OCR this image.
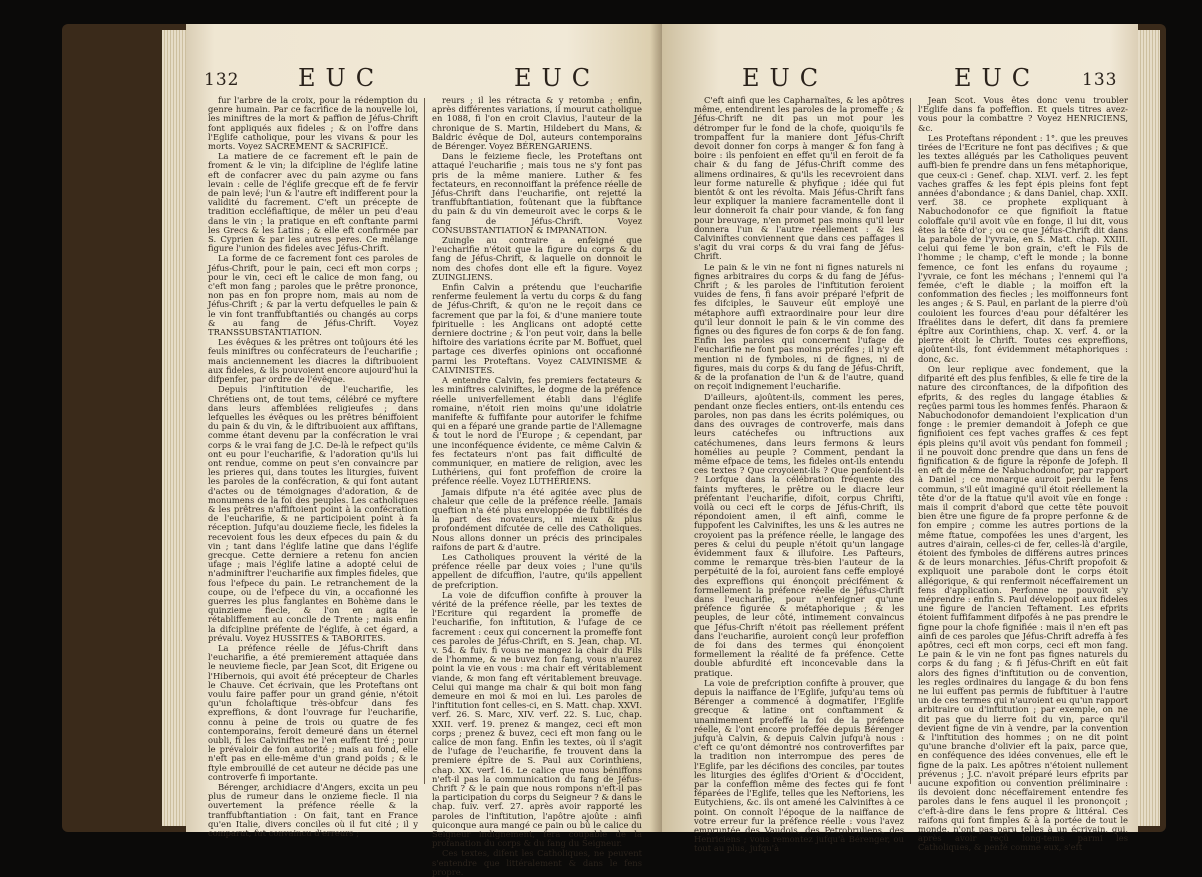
132 EUC	EUC

fur l'arbre de la croix, pour la rédemption du genre humain. Par ce facrifice de la nouvelle loi, les miniftres de la mort & paffion de Jéfus-Chrift font appliqués aux fideles ; & on l'offre dans l'Eglife catholique, pour les vivans & pour les morts. Voyez SACREMENT & SACRIFICE.

La matiere de ce facrement eft le pain de froment & le vin; la difcipline de l'églife latine eft de confacrer avec du pain azyme ou fans levain : celle de l'églife grecque eft de fe fervir de pain levé; l'un & l'autre eft indifferent pour la validité du facrement. C'eft un précepte de tradition eccléfiaftique, de mêler un peu d'eau dans le vin ; la pratique en eft conftante parmi les Grecs & les Latins ; & elle eft confirmée par S. Cyprien & par les autres peres. Ce mêlange figure l'union des fideles avec Jéfus-Chrift.

La forme de ce facrement font ces paroles de Jéfus-Chrift, pour le pain, ceci eft mon corps ; pour le vin, ceci eft le calice de mon fang, ou c'eft mon fang ; paroles que le prêtre prononce, non pas en fon propre nom, mais au nom de Jéfus-Chrift ; & par la vertu defquelles le pain & le vin font tranffubftantiés ou changés au corps & au fang de Jéfus-Chrift. Voyez TRANSSUBSTANTIATION.

Les évêques & les prêtres ont toûjours été les feuls miniftres ou confécrateurs de l'eucharifie ; mais anciennement les diacres la diftribuoient aux fideles, & ils pouvoient encore aujourd'hui la difpenfer, par ordre de l'évêque.

Depuis l'inftitution de l'eucharifie, les Chrétiens ont, de tout tems, célébré ce myftere dans leurs affemblées religieufes ; dans lefquelles les évêques ou les prêtres béniffoient du pain & du vin, & le diftribuoient aux affiftans, comme étant devenu par la confécration le vrai corps & le vrai fang de J.C. De-là le refpect qu'ils ont eu pour l'eucharifie, & l'adoration qu'ils lui ont rendue, comme on peut s'en convaincre par les prieres qui, dans toutes les liturgies, fuivent les paroles de la confécration, & qui font autant d'actes ou de témoignages d'adoration, & de monumens de la foi des peuples. Les catholiques & les prêtres n'affiftoient point à la confécration de l'eucharifie, & ne participoient point à fa réception. Jufqu'au douzieme fiecle, les fideles la recevoient fous les deux efpeces du pain & du vin ; tant dans l'églife latine que dans l'églife grecque. Cette derniere a retenu fon ancien ufage ; mais l'églife latine a adopté celui de n'adminiftrer l'eucharifie aux fimples fideles, que fous l'efpece du pain. Le retranchement de la coupe, ou de l'efpece du vin, a occafionné les guerres les plus fanglantes en Bohème dans le quinzieme fiecle, & l'on en agita le rétabliffement au concile de Trente ; mais enfin la difcipline préfente de l'églife, à cet égard, a prévalu. Voyez HUSSITES & TABORITES.

La préfence réelle de Jéfus-Chrift dans l'eucharifie, a été premierement attaquée dans le neuvieme fiecle, par Jean Scot, dit Erigene ou l'Hibernois, qui avoit été précepteur de Charles le Chauve. Cet écrivain, que les Proteftans ont voulu faire paffer pour un grand génie, n'étoit qu'un fcholaftique très-obfcur dans fes expreffions, & dont l'ouvrage fur l'eucharifie, connu à peine de trois ou quatre de fes contemporains, feroit demeuré dans un éternel oubli, fi les Calviniftes ne l'en euffent tiré ; pour le prévaloir de fon autorité ; mais au fond, elle n'eft pas en elle-même d'un grand poids ; & le ftyle embrouillé de cet auteur ne décide pas une controverfe fi importante.

Bérenger, archidiacre d'Angers, excita un peu plus de rumeur dans le onzieme fiecle. Il nia ouvertement la préfence réelle & la tranffubftantiation : On fait, tant en France qu'en Italie, divers conciles où il fut cité ; il y comparut, fut convaincu d'erreurs ;

reurs ; il les rétracta & y retomba ; enfin, après différentes variations, il mourut catholique en 1088, fi l'on en croit Clavius, l'auteur de la chronique de S. Martin, Hildebert du Mans, & Baldric évêque de Dol, auteurs contemporains de Bérenger. Voyez BÉRENGARIENS.

Dans le feizieme fiecle, les Proteftans ont attaqué l'eucharifie ; mais tous ne s'y font pas pris de la même maniere. Luther & fes fectateurs, en reconnoiffant la préfence réelle de Jéfus-Chrift dans l'eucharifie, ont rejetté la tranffubftantiation, foûtenant que la fubftance du pain & du vin demeuroit avec le corps & le fang de Jéfus-Chrift. Voyez CONSUBSTANTIATION & IMPANATION.

Zuingle au contraire a enfeigné que l'eucharifie n'étoit que la figure du corps & du fang de Jéfus-Chrift, & laquelle on donnoit le nom des chofes dont elle eft la figure. Voyez ZUINGLIENS.

Enfin Calvin a prétendu que l'eucharifie renferme feulement la vertu du corps & du fang de Jéfus-Chrift, & qu'on ne le reçoit dans ce facrement que par la foi, & d'une maniere toute fpirituelle : les Anglicans ont adopté cette derniere doctrine ; & l'on peut voir, dans la belle hiftoire des variations écrite par M. Boffuet, quel partage ces diverfes opinions ont occafionné parmi les Proteftans. Voyez CALVINISME & CALVINISTES.

A entendre Calvin, fes premiers fectateurs & les miniftres calviniftes, le dogme de la préfence réelle univerfellement établi dans l'églife romaine, n'étoit rien moins qu'une idolatrie manifefte & fuffifante pour autorifer le fchifme qui en a féparé une grande partie de l'Allemagne & tout le nord de l'Europe ; & cependant, par une inconféquence évidente, ce même Calvin & fes fectateurs n'ont pas fait difficulté de communiquer, en matiere de religion, avec les Luthériens, qui font profeffion de croire la préfence réelle. Voyez LUTHÉRIENS.

Jamais difpute n'a été agitée avec plus de chaleur que celle de la préfence réelle. Jamais queftion n'a été plus enveloppée de fubtilités de la part des novateurs, ni mieux & plus profondément difcutée de celle des Catholiques. Nous allons donner un précis des principales raifons de part & d'autre.

Les Catholiques prouvent la vérité de la préfence réelle par deux voies ; l'une qu'ils appellent de difcuffion, l'autre, qu'ils appellent de prefcription.

La voie de difcuffion confifte à prouver la vérité de la préfence réelle, par les textes de l'Ecriture qui regardent la promeffe de l'eucharifie, fon inftitution, & l'ufage de ce facrement : ceux qui concernent la promeffe font ces paroles de Jéfus-Chrift, en S. Jean, chap. VI. v. 54. & fuiv. fi vous ne mangez la chair du Fils de l'homme, & ne buvez fon fang, vous n'aurez point la vie en vous : ma chair eft véritablement viande, & mon fang eft véritablement breuvage. Celui qui mange ma chair & qui boit mon fang demeure en moi & moi en lui. Les paroles de l'inftitution font celles-ci, en S. Matt. chap. XXVI. verf. 26. S. Marc, XIV. verf. 22. S. Luc, chap. XXII. verf. 19. prenez & mangez, ceci eft mon corps ; prenez & buvez, ceci eft mon fang ou le calice de mon fang. Enfin les textes, où il s'agit de l'ufage de l'eucharifie, fe trouvent dans la premiere épître de S. Paul aux Corinthiens, chap. XX. verf. 16. Le calice que nous béniffons n'eft-il pas la communication du fang de Jéfus-Chrift ? & le pain que nous rompons n'eft-il pas la participation du corps du Seigneur ? & dans le chap. fuiv. verf. 27. après avoir rapporté les paroles de l'inftitution, l'apôtre ajoûte : ainfi quiconque aura mangé ce pain ou bû le calice du Seigneur indignement, fera coupable de la profanation du corps & du fang du Seigneur.

Ces textes, difent les Catholiques, ne peuvent s'entendre que littéralement & dans le fens propre.

EUC	EUC 133

C'eft ainfi que les Capharnaïtes, & les apôtres même, entendirent les paroles de la promeffe ; & Jéfus-Chrift ne dit pas un mot pour les détromper fur le fond de la chofe, quoiqu'ils fe trompaffent fur la maniere dont Jéfus-Chrift devoit donner fon corps à manger & fon fang à boire : ils penfoient en effet qu'il en feroit de fa chair & du fang de Jéfus-Chrift comme des alimens ordinaires, & qu'ils les recevroient dans leur forme naturelle & phyfique ; idée qui fut bientôt & ont les révolta. Mais Jéfus-Chrift fans leur expliquer la maniere facramentelle dont il leur donneroit fa chair pour viande, & fon fang pour breuvage, n'en promet pas moins qu'il leur donnera l'un & l'autre réellement : & les Calviniftes conviennent que dans ces paffages il s'agit du vrai corps & du vrai fang de Jéfus-Chrift.

Le pain & le vin ne font ni fignes naturels ni fignes arbitraires du corps & du fang de Jéfus-Chrift ; & les paroles de l'inftitution feroient vuides de fens, fi fans avoir préparé l'efprit de fes difciples, le Sauveur eût employé une métaphore auffi extraordinaire pour leur dire qu'il leur donnoit le pain & le vin comme des fignes ou des figures de fon corps & de fon fang. Enfin les paroles qui concernent l'ufage de l'eucharifie ne font pas moins précifes ; il n'y eft mention ni de fymboles, ni de fignes, ni de figures, mais du corps & du fang de Jéfus-Chrift, & de la profanation de l'un & de l'autre, quand on reçoit indignement l'eucharifie.

D'ailleurs, ajoûtent-ils, comment les peres, pendant onze fiecles entiers, ont-ils entendu ces paroles, non pas dans les écrits polémiques, ou dans des ouvrages de controverfe, mais dans leurs catéchefes ou inftructions aux catéchumenes, dans leurs fermons & leurs homélies au peuple ? Comment, pendant la même efpace de tems, les fideles ont-ils entendu ces textes ? Que croyoient-ils ? Que penfoient-ils ? Lorfque dans la célébration fréquente des faints myfteres, le prêtre ou le diacre leur préfentant l'eucharifie, difoit, corpus Chrifti, voilà ou ceci eft le corps de Jéfus-Chrift, ils répondoient amen, il eft ainfi, comme le fuppofent les Calviniftes, les uns & les autres ne croyoient pas la préfence réelle, le langage des peres & celui du peuple n'étoit qu'un langage évidemment faux & illufoire. Les Pafteurs, comme le remarque très-bien l'auteur de la perpétuité de la foi, auroient fans ceffe employé des expreffions qui énonçoit précifément & formellement la préfence réelle de Jéfus-Chrift dans l'eucharifie, pour n'enfeigner qu'une préfence figurée & métaphorique ; & les peuples, de leur côté, intimement convaincus que Jéfus-Chrift n'étoit pas réellement préfent dans l'eucharifie, auroient conçû leur profeffion de foi dans des termes qui énonçoient formellement la réalité de fa préfence. Cette double abfurdité eft inconcevable dans la pratique.

La voie de prefcription confifte à prouver, que depuis la naiffance de l'Eglife, jufqu'au tems où Bérenger a commencé à dogmatifer, l'Eglife grecque & latine ont conftamment & unanimement profeffé la foi de la préfence réelle, & l'ont encore profeffée depuis Bérenger jufqu'à Calvin, & depuis Calvin jufqu'à nous : c'eft ce qu'ont démontré nos controverfiftes par la tradition non interrompue des peres de l'Eglife, par les décifions des conciles, par toutes les liturgies des églifes d'Orient & d'Occident, par la confeffion même des fectes qui fe font féparées de l'Eglife, telles que les Neftoriens, les Eutychiens, &c. ils ont amené les Calviniftes à ce point. On connoît l'époque de la naiffance de votre erreur fur la préfence réelle : vous l'avez empruntée des Vaudois, des Petrobruliens, des Henriciens ; vous remontez jufqu'à Bérenger, ou tout au plus, jufqu'à

Jean Scot. Vous êtes donc venu troubler l'Eglife dans fa poffeffion. Et quels titres avez-vous pour la combattre ? Voyez HENRICIENS, &c.

Les Proteftans répondent : 1°. que les preuves tirées de l'Ecriture ne font pas décifives ; & que les textes allégués par les Catholiques peuvent auffi-bien fe prendre dans un fens métaphorique, que ceux-ci : Genef. chap. XLVI. verf. 2. les fept vaches graffes & les fept épis pleins font fept années d'abondance ; & dans Daniel, chap. XXII. verf. 38. ce prophete expliquant à Nabuchodonofor ce que fignifioit la ftatue coloffale qu'il avoit vûe en fonge, il lui dit, vous êtes la tête d'or ; ou ce que Jéfus-Chrift dit dans la parabole de l'yvraie, en S. Matt. chap. XXIII. celui qui feme le bon grain, c'eft le Fils de l'homme ; le champ, c'eft le monde ; la bonne femence, ce font les enfans du royaume ; l'yvraie, ce font les méchans ; l'ennemi qui l'a femée, c'eft le diable ; la moiffon eft la confommation des fiecles ; les moiffonneurs font les anges ; & S. Paul, en parlant de la pierre d'où couloient les fources d'eau pour défaltérer les Ifraélites dans le defert, dit dans fa premiere épître aux Corinthiens, chap. X. verf. 4. or la pierre étoit le Chrift. Toutes ces expreffions, ajoûtent-ils, font évidemment métaphoriques : donc, &c.

On leur replique avec fondement, que la difparité eft des plus fenfibles, & elle fe tire de la nature des circonftances, de la difpofition des efprits, & des regles du langage établies & reçûes parmi tous les hommes fenfés. Pharaon & Nabuchodonofor demandoient l'explication d'un fonge : le premier demandoit à Jofeph ce que fignifioient ces fept vaches graffes & ces fept épis pleins qu'il avoit vûs pendant fon fommeil ; il ne pouvoit donc prendre que dans un fens de fignification & de figure la réponfe de Jofeph. Il en eft de même de Nabuchodonofor, par rapport à Daniel ; ce monarque auroit perdu le fens commun, s'il eût imaginé qu'il étoit réellement la tête d'or de la ftatue qu'il avoit vûe en fonge : mais il comprit d'abord que cette tête pouvoit bien être une figure de fa propre perfonne & de fon empire ; comme les autres portions de la même ftatue, compofées les unes d'argent, les autres d'airain, celles-ci de fer, celles-là d'argile, étoient des fymboles de différens autres princes & de leurs monarchies. Jéfus-Chrift propofoit & expliquoit une parabole dont le corps étoit allégorique, & qui renfermoit néceffairement un fens d'application. Perfonne ne pouvoit s'y méprendre : enfin S. Paul développoit aux fideles une figure de l'ancien Teftament. Les efprits étoient fuffifamment difpofés à ne pas prendre le figne pour la chofe fignifiée : mais il n'en eft pas ainfi de ces paroles que Jéfus-Chrift adreffa à fes apôtres, ceci eft mon corps, ceci eft mon fang. Le pain & le vin ne font pas fignes naturels du corps & du fang ; & fi Jéfus-Chrift en eût fait alors des fignes d'inftitution ou de convention, les regles ordinaires du langage & du bon fens ne lui euffent pas permis de fubftituer à l'autre un de ces termes qui n'auroient eu qu'un rapport arbitraire ou d'inftitution ; par exemple, on ne dit pas que du lierre foit du vin, parce qu'il devient figne de vin à vendre, par la convention & l'inftitution des hommes ; on ne dit point qu'une branche d'olivier eft la paix, parce que, en conféquence des idées convenues, elle eft le figne de la paix. Les apôtres n'étoient nullement prévenus ; J.C. n'avoit préparé leurs efprits par aucune expofition ou convention préliminaire : ils devoient donc néceffairement entendre fes paroles dans le fens auquel il les prononçoit ; c'eft-à-dire dans le fens propre & littéral. Ces raifons qui font fimples & à la portée de tout le monde, n'ont pas paru telles à un écrivain, qui, après avoir reçû long-tems parmi les Catholiques, & penfé comme eux, s'eft
